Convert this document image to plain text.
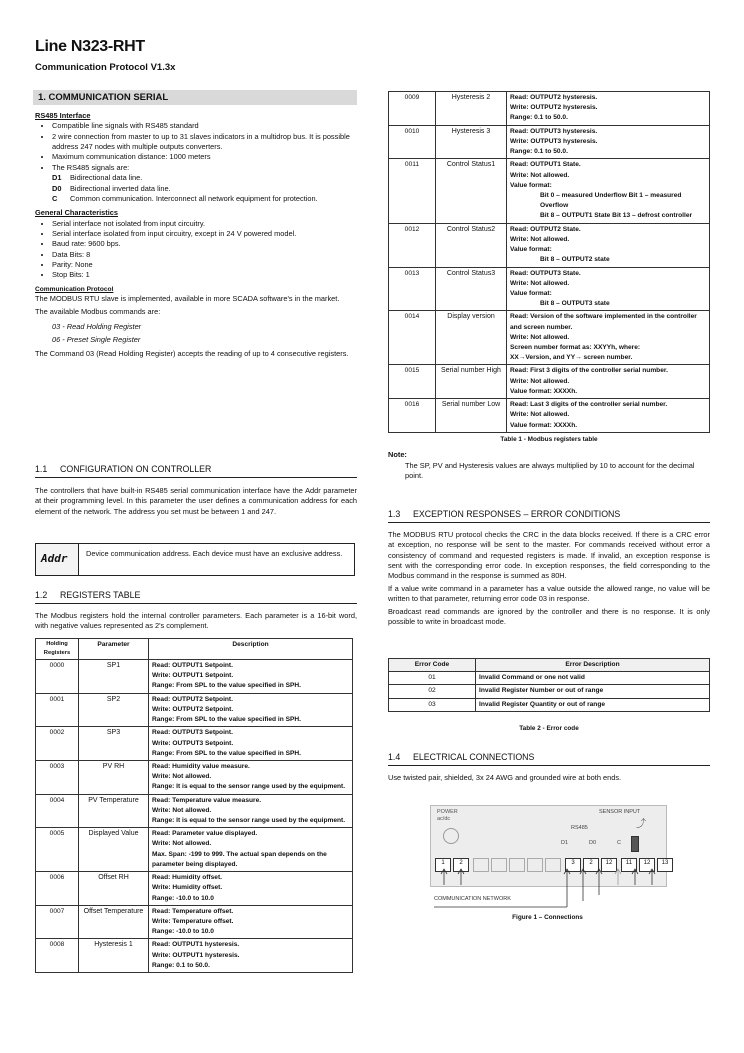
Line N323-RHT
Communication Protocol V1.3x
1. COMMUNICATION SERIAL

RS485 Interface

• Compatible line signals with RS485 standard
• 2 wire connection from master to up to 31 slaves indicators in a multidrop bus. It is possible address 247 nodes with multiple outputs converters.
• Maximum communication distance: 1000 meters
• The RS485 signals are:
D1 Bidirectional data line.
D0 Bidirectional inverted data line.
C Common communication. Interconnect all network equipment for protection.

General Characteristics

• Serial interface not isolated from input circuitry.
• Serial interface isolated from input circuitry, except in 24 V powered model.
• Baud rate: 9600 bps.
• Data Bits: 8
• Parity: None
• Stop Bits: 1

Communication Protocol

The MODBUS RTU slave is implemented, available in more SCADA software's in the market.

The available Modbus commands are:

03 - Read Holding Register

06 - Preset Single Register

The Command 03 (Read Holding Register) accepts the reading of up to 4 consecutive registers.

1.1 CONFIGURATION ON CONTROLLER

The controllers that have built-in RS485 serial communication interface have the Addr parameter at their programming level. In this parameter the user defines a communication address for each element of the network. The address you set must be between 1 and 247.

Addr	Device communication address. Each device must have an exclusive address.

1.2 REGISTERS TABLE

The Modbus registers hold the internal controller parameters. Each parameter is a 16-bit word, with negative values represented as 2's complement.

Holding Registers	Parameter	Description
0000	SP1	Read: OUTPUT1 Setpoint.
Write: OUTPUT1 Setpoint.
Range: From SPL to the value specified in SPH.

0001	SP2	Read: OUTPUT2 Setpoint.
Write: OUTPUT2 Setpoint.
Range: From SPL to the value specified in SPH.

0002	SP3	Read: OUTPUT3 Setpoint.
Write: OUTPUT3 Setpoint.
Range: From SPL to the value specified in SPH.

0003	PV RH	Read: Humidity value measure.
Write: Not allowed.
Range: It is equal to the sensor range used by the equipment.

0004	PV Temperature	Read: Temperature value measure.
Write: Not allowed.
Range: It is equal to the sensor range used by the equipment.

0005	Displayed Value	Read: Parameter value displayed.
Write: Not allowed.
Max. Span: -199 to 999. The actual span depends on the parameter being displayed.

0006	Offset RH	Read: Humidity offset.
Write: Humidity offset.
Range: -10.0 to 10.0

0007	Offset Temperature	Read: Temperature offset.
Write: Temperature offset.
Range: -10.0 to 10.0

0008	Hysteresis 1	Read: OUTPUT1 hysteresis.
Write: OUTPUT1 hysteresis.
Range: 0.1 to 50.0.
0009	Hysteresis 2	Read: OUTPUT2 hysteresis.
Write: OUTPUT2 hysteresis.
Range: 0.1 to 50.0.

0010	Hysteresis 3	Read: OUTPUT3 hysteresis.
Write: OUTPUT3 hysteresis.
Range: 0.1 to 50.0.

0011	Control Status1	Read: OUTPUT1 State.
Write: Not allowed.
Value format:
Bit 0 – measured Underflow Bit 1 – measured Overflow
Bit 8 – OUTPUT1 State Bit 13 – defrost controller

0012	Control Status2	Read: OUTPUT2 State.
Write: Not allowed.
Value format:
Bit 8 – OUTPUT2 state

0013	Control Status3	Read: OUTPUT3 State.
Write: Not allowed.
Value format:
Bit 8 – OUTPUT3 state

0014	Display version	Read: Version of the software implemented in the controller and screen number.
Write: Not allowed.
Screen number format as: XXYYh, where:
XX→Version, and YY→ screen number.

0015	Serial number High	Read: First 3 digits of the controller serial number.
Write: Not allowed.
Value format: XXXXh.

0016	Serial number Low	Read: Last 3 digits of the controller serial number.
Write: Not allowed.
Value format: XXXXh.
Table 1 - Modbus registers table
Note:
The SP, PV and Hysteresis values are always multiplied by 10 to account for the decimal point.
1.3 EXCEPTION RESPONSES – ERROR CONDITIONS

The MODBUS RTU protocol checks the CRC in the data blocks received. If there is a CRC error at exception, no response will be sent to the master. For commands received without error a consistency of command and requested registers is made. If invalid, an exception response is sent with the corresponding error code. In exception responses, the field corresponding to the Modbus command in the response is summed as 80H.

If a value write command in a parameter has a value outside the allowed range, no value will be written to that parameter, returning error code 03 in response.

Broadcast read commands are ignored by the controller and there is no response. It is only possible to write in broadcast mode.

Error Code	Error Description
01	Invalid Command or one not valid
02	Invalid Register Number or out of range
03	Invalid Register Quantity or out of range
Table 2 - Error code
1.4 ELECTRICAL CONNECTIONS

Use twisted pair, shielded, 3x 24 AWG and grounded wire at both ends.

POWER
ac/dc
RS485
D1	D0	C
SENSOR INPUT
⤴
1	2	3	2	12	11	12	13
COMMUNICATION NETWORK
Figure 1 – Connections
